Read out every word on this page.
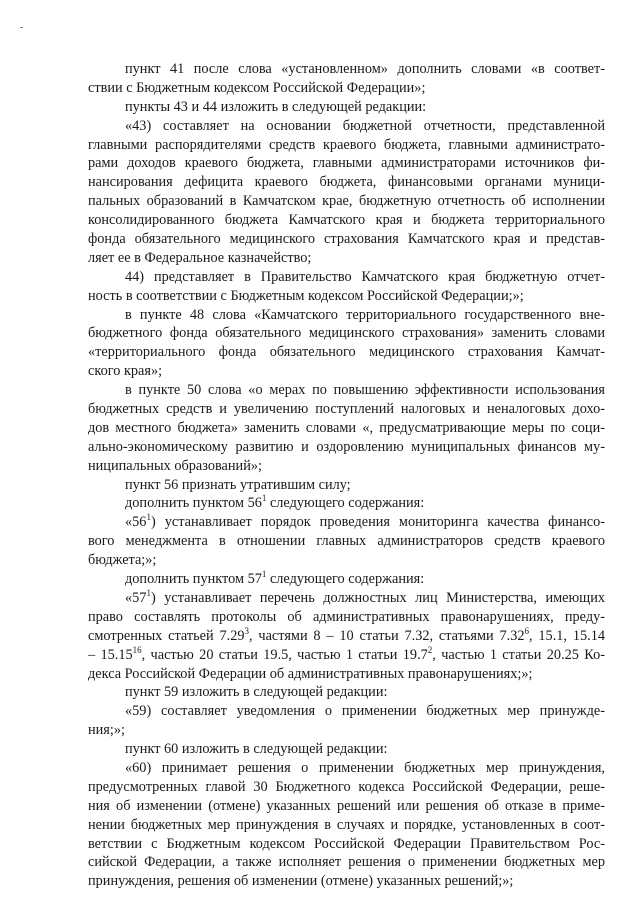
пункт 41 после слова «установленном» дополнить словами «в соответ-
ствии с Бюджетным кодексом Российской Федерации»;
пункты 43 и 44 изложить в следующей редакции:
«43) составляет на основании бюджетной отчетности, представленной
главными распорядителями средств краевого бюджета, главными администрато-
рами доходов краевого бюджета, главными администраторами источников фи-
нансирования дефицита краевого бюджета, финансовыми органами муници-
пальных образований в Камчатском крае, бюджетную отчетность об исполнении
консолидированного бюджета Камчатского края и бюджета территориального
фонда обязательного медицинского страхования Камчатского края и представ-
ляет ее в Федеральное казначейство;
44) представляет в Правительство Камчатского края бюджетную отчет-
ность в соответствии с Бюджетным кодексом Российской Федерации;»;
в пункте 48 слова «Камчатского территориального государственного вне-
бюджетного фонда обязательного медицинского страхования» заменить словами
«территориального фонда обязательного медицинского страхования Камчат-
ского края»;
в пункте 50 слова «о мерах по повышению эффективности использования
бюджетных средств и увеличению поступлений налоговых и неналоговых дохо-
дов местного бюджета» заменить словами «, предусматривающие меры по соци-
ально-экономическому развитию и оздоровлению муниципальных финансов му-
ниципальных образований»;
пункт 56 признать утратившим силу;
дополнить пунктом $56^1$ следующего содержания:
«$56^1$) устанавливает порядок проведения мониторинга качества финансо-
вого менеджмента в отношении главных администраторов средств краевого
бюджета;»;
дополнить пунктом $57^1$ следующего содержания:
«$57^1$) устанавливает перечень должностных лиц Министерства, имеющих
право составлять протоколы об административных правонарушениях, преду-
смотренных статьей 7.29$^3$, частями 8 – 10 статьи 7.32, статьями 7.32$^6$, 15.1, 15.14
– 15.15$^{16}$, частью 20 статьи 19.5, частью 1 статьи 19.7$^2$, частью 1 статьи 20.25 Ко-
декса Российской Федерации об административных правонарушениях;»;
пункт 59 изложить в следующей редакции:
«59) составляет уведомления о применении бюджетных мер принужде-
ния;»;
пункт 60 изложить в следующей редакции:
«60) принимает решения о применении бюджетных мер принуждения,
предусмотренных главой 30 Бюджетного кодекса Российской Федерации, реше-
ния об изменении (отмене) указанных решений или решения об отказе в приме-
нении бюджетных мер принуждения в случаях и порядке, установленных в соот-
ветствии с Бюджетным кодексом Российской Федерации Правительством Рос-
сийской Федерации, а также исполняет решения о применении бюджетных мер
принуждения, решения об изменении (отмене) указанных решений;»;
